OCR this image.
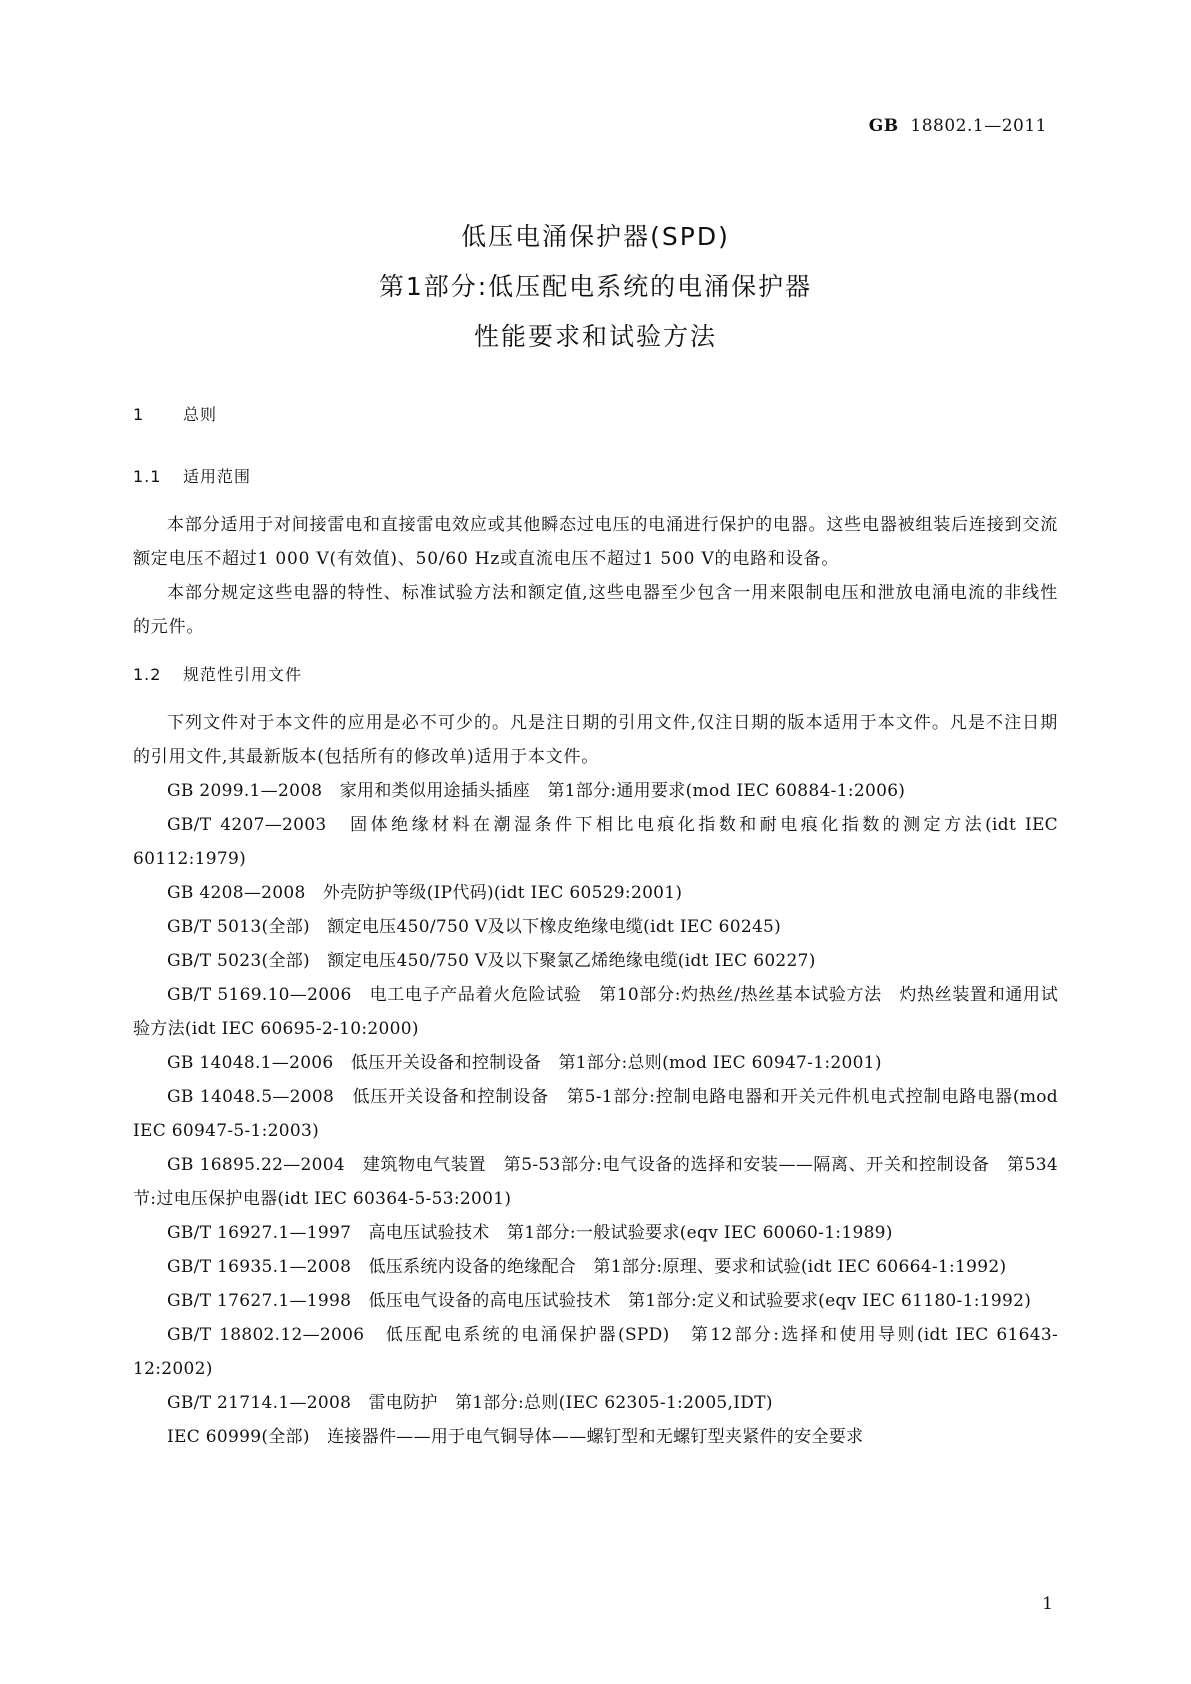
GB 18802.1—2011
低压电涌保护器(SPD)
第1部分:低压配电系统的电涌保护器
性能要求和试验方法
1 总则
1.1 适用范围

本部分适用于对间接雷电和直接雷电效应或其他瞬态过电压的电涌进行保护的电器。这些电器被组装后连接到交流额定电压不超过1 000 V(有效值)、50/60 Hz或直流电压不超过1 500 V的电路和设备。

本部分规定这些电器的特性、标准试验方法和额定值,这些电器至少包含一用来限制电压和泄放电涌电流的非线性的元件。

1.2 规范性引用文件

下列文件对于本文件的应用是必不可少的。凡是注日期的引用文件,仅注日期的版本适用于本文件。凡是不注日期的引用文件,其最新版本(包括所有的修改单)适用于本文件。

GB 2099.1—2008　家用和类似用途插头插座　第1部分:通用要求(mod IEC 60884-1:2006)

GB/T 4207—2003　固体绝缘材料在潮湿条件下相比电痕化指数和耐电痕化指数的测定方法(idt IEC 60112:1979)

GB 4208—2008　外壳防护等级(IP代码)(idt IEC 60529:2001)

GB/T 5013(全部)　额定电压450/750 V及以下橡皮绝缘电缆(idt IEC 60245)

GB/T 5023(全部)　额定电压450/750 V及以下聚氯乙烯绝缘电缆(idt IEC 60227)

GB/T 5169.10—2006　电工电子产品着火危险试验　第10部分:灼热丝/热丝基本试验方法　灼热丝装置和通用试验方法(idt IEC 60695-2-10:2000)

GB 14048.1—2006　低压开关设备和控制设备　第1部分:总则(mod IEC 60947-1:2001)

GB 14048.5—2008　低压开关设备和控制设备　第5-1部分:控制电路电器和开关元件机电式控制电路电器(mod IEC 60947-5-1:2003)

GB 16895.22—2004　建筑物电气装置　第5-53部分:电气设备的选择和安装——隔离、开关和控制设备　第534节:过电压保护电器(idt IEC 60364-5-53:2001)

GB/T 16927.1—1997　高电压试验技术　第1部分:一般试验要求(eqv IEC 60060-1:1989)

GB/T 16935.1—2008　低压系统内设备的绝缘配合　第1部分:原理、要求和试验(idt IEC 60664-1:1992)

GB/T 17627.1—1998　低压电气设备的高电压试验技术　第1部分:定义和试验要求(eqv IEC 61180-1:1992)

GB/T 18802.12—2006　低压配电系统的电涌保护器(SPD)　第12部分:选择和使用导则(idt IEC 61643-12:2002)

GB/T 21714.1—2008　雷电防护　第1部分:总则(IEC 62305-1:2005,IDT)

IEC 60999(全部)　连接器件——用于电气铜导体——螺钉型和无螺钉型夹紧件的安全要求

1
